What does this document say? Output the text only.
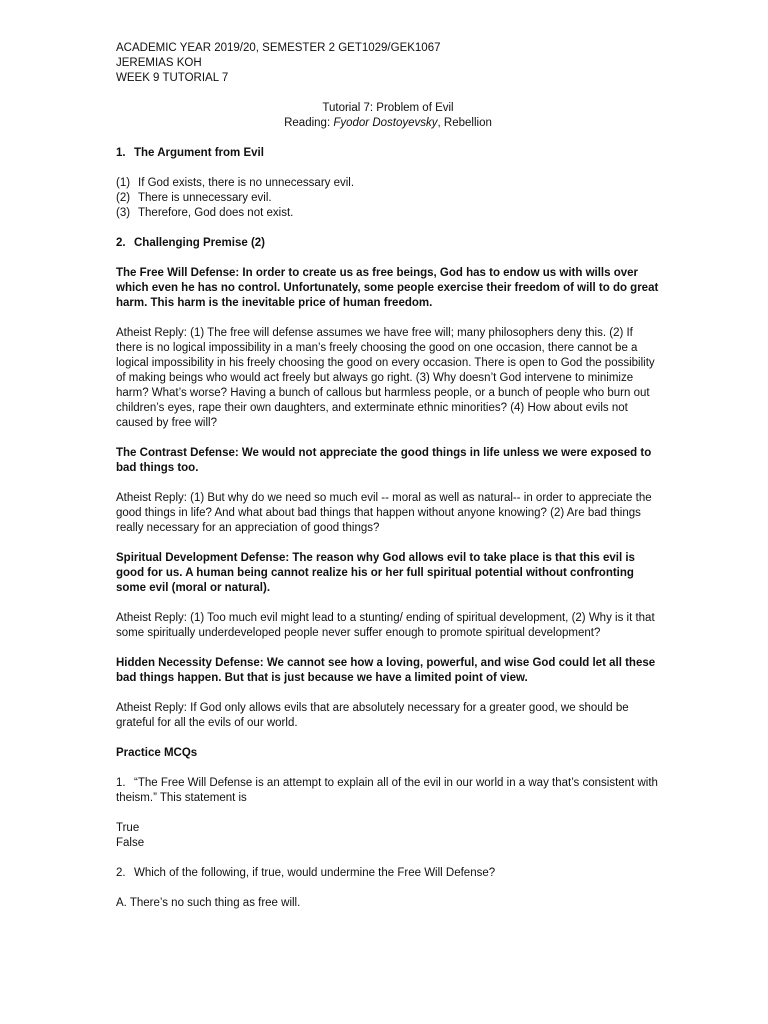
ACADEMIC YEAR 2019/20, SEMESTER 2 GET1029/GEK1067
JEREMIAS KOH
WEEK 9 TUTORIAL 7
Tutorial 7: Problem of Evil
Reading: Fyodor Dostoyevsky, Rebellion
1. The Argument from Evil
(1) If God exists, there is no unnecessary evil.
(2) There is unnecessary evil.
(3) Therefore, God does not exist.
2. Challenging Premise (2)

The Free Will Defense: In order to create us as free beings, God has to endow us with wills over which even he has no control. Unfortunately, some people exercise their freedom of will to do great harm. This harm is the inevitable price of human freedom.

Atheist Reply: (1) The free will defense assumes we have free will; many philosophers deny this. (2) If there is no logical impossibility in a man’s freely choosing the good on one occasion, there cannot be a logical impossibility in his freely choosing the good on every occasion. There is open to God the possibility of making beings who would act freely but always go right. (3) Why doesn’t God intervene to minimize harm? What’s worse? Having a bunch of callous but harmless people, or a bunch of people who burn out children’s eyes, rape their own daughters, and exterminate ethnic minorities? (4) How about evils not caused by free will?

The Contrast Defense: We would not appreciate the good things in life unless we were exposed to bad things too.

Atheist Reply: (1) But why do we need so much evil -- moral as well as natural-- in order to appreciate the good things in life? And what about bad things that happen without anyone knowing? (2) Are bad things really necessary for an appreciation of good things?

Spiritual Development Defense: The reason why God allows evil to take place is that this evil is good for us. A human being cannot realize his or her full spiritual potential without confronting some evil (moral or natural).

Atheist Reply: (1) Too much evil might lead to a stunting/ ending of spiritual development, (2) Why is it that some spiritually underdeveloped people never suffer enough to promote spiritual development?

Hidden Necessity Defense: We cannot see how a loving, powerful, and wise God could let all these bad things happen. But that is just because we have a limited point of view.

Atheist Reply: If God only allows evils that are absolutely necessary for a greater good, we should be grateful for all the evils of our world.

Practice MCQs
1. “The Free Will Defense is an attempt to explain all of the evil in our world in a way that’s consistent with theism.” This statement is
True
False
2. Which of the following, if true, would undermine the Free Will Defense?
A. There’s no such thing as free will.
